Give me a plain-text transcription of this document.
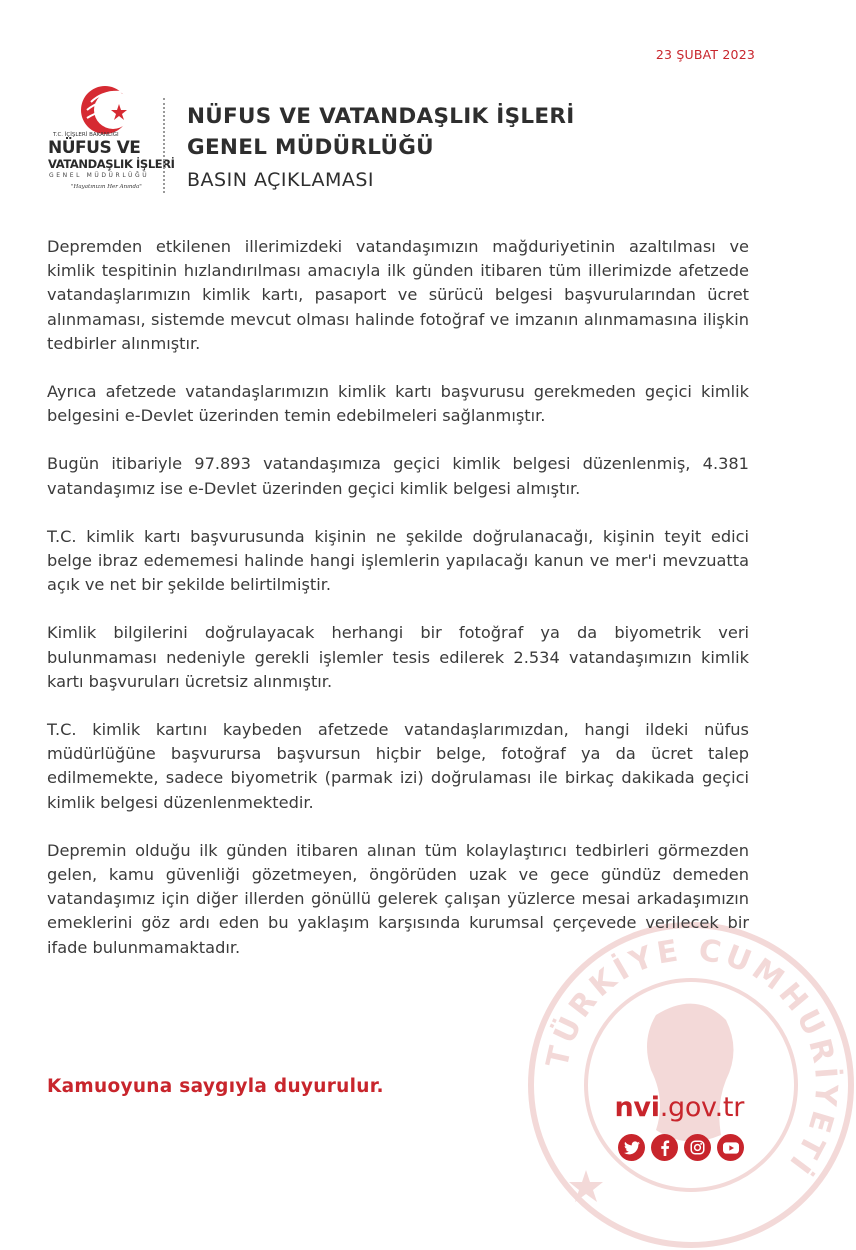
23 ŞUBAT 2023
T.C. İÇİŞLERİ BAKANLIĞI
NÜFUS VE
VATANDAŞLIK İŞLERİ
GENEL MÜDÜRLÜĞÜ
"Hayatınızın Her Anında"
NÜFUS VE VATANDAŞLIK İŞLERİ
GENEL MÜDÜRLÜĞÜ
BASIN AÇIKLAMASI
TÜRKİYE CUMHURİYETİ

Depremden etkilenen illerimizdeki vatandaşımızın mağduriyetinin azaltılması ve kimlik tespitinin hızlandırılması amacıyla ilk günden itibaren tüm illerimizde afetzede vatandaşlarımızın kimlik kartı, pasaport ve sürücü belgesi başvurularından ücret alınmaması, sistemde mevcut olması halinde fotoğraf ve imzanın alınmamasına ilişkin tedbirler alınmıştır.

Ayrıca afetzede vatandaşlarımızın kimlik kartı başvurusu gerekmeden geçici kimlik belgesini e-Devlet üzerinden temin edebilmeleri sağlanmıştır.

Bugün itibariyle 97.893 vatandaşımıza geçici kimlik belgesi düzenlenmiş, 4.381 vatandaşımız ise e-Devlet üzerinden geçici kimlik belgesi almıştır.

T.C. kimlik kartı başvurusunda kişinin ne şekilde doğrulanacağı, kişinin teyit edici belge ibraz edememesi halinde hangi işlemlerin yapılacağı kanun ve mer'i mevzuatta açık ve net bir şekilde belirtilmiştir.

Kimlik bilgilerini doğrulayacak herhangi bir fotoğraf ya da biyometrik veri bulunmaması nedeniyle gerekli işlemler tesis edilerek 2.534 vatandaşımızın kimlik kartı başvuruları ücretsiz alınmıştır.

T.C. kimlik kartını kaybeden afetzede vatandaşlarımızdan, hangi ildeki nüfus müdürlüğüne başvurursa başvursun hiçbir belge, fotoğraf ya da ücret talep edilmemekte, sadece biyometrik (parmak izi) doğrulaması ile birkaç dakikada geçici kimlik belgesi düzenlenmektedir.

Depremin olduğu ilk günden itibaren alınan tüm kolaylaştırıcı tedbirleri görmezden gelen, kamu güvenliği gözetmeyen, öngörüden uzak ve gece gündüz demeden vatandaşımız için diğer illerden gönüllü gelerek çalışan yüzlerce mesai arkadaşımızın emeklerini göz ardı eden bu yaklaşım karşısında kurumsal çerçevede verilecek bir ifade bulunmamaktadır.

Kamuoyuna saygıyla duyurulur.
nvi.gov.tr
